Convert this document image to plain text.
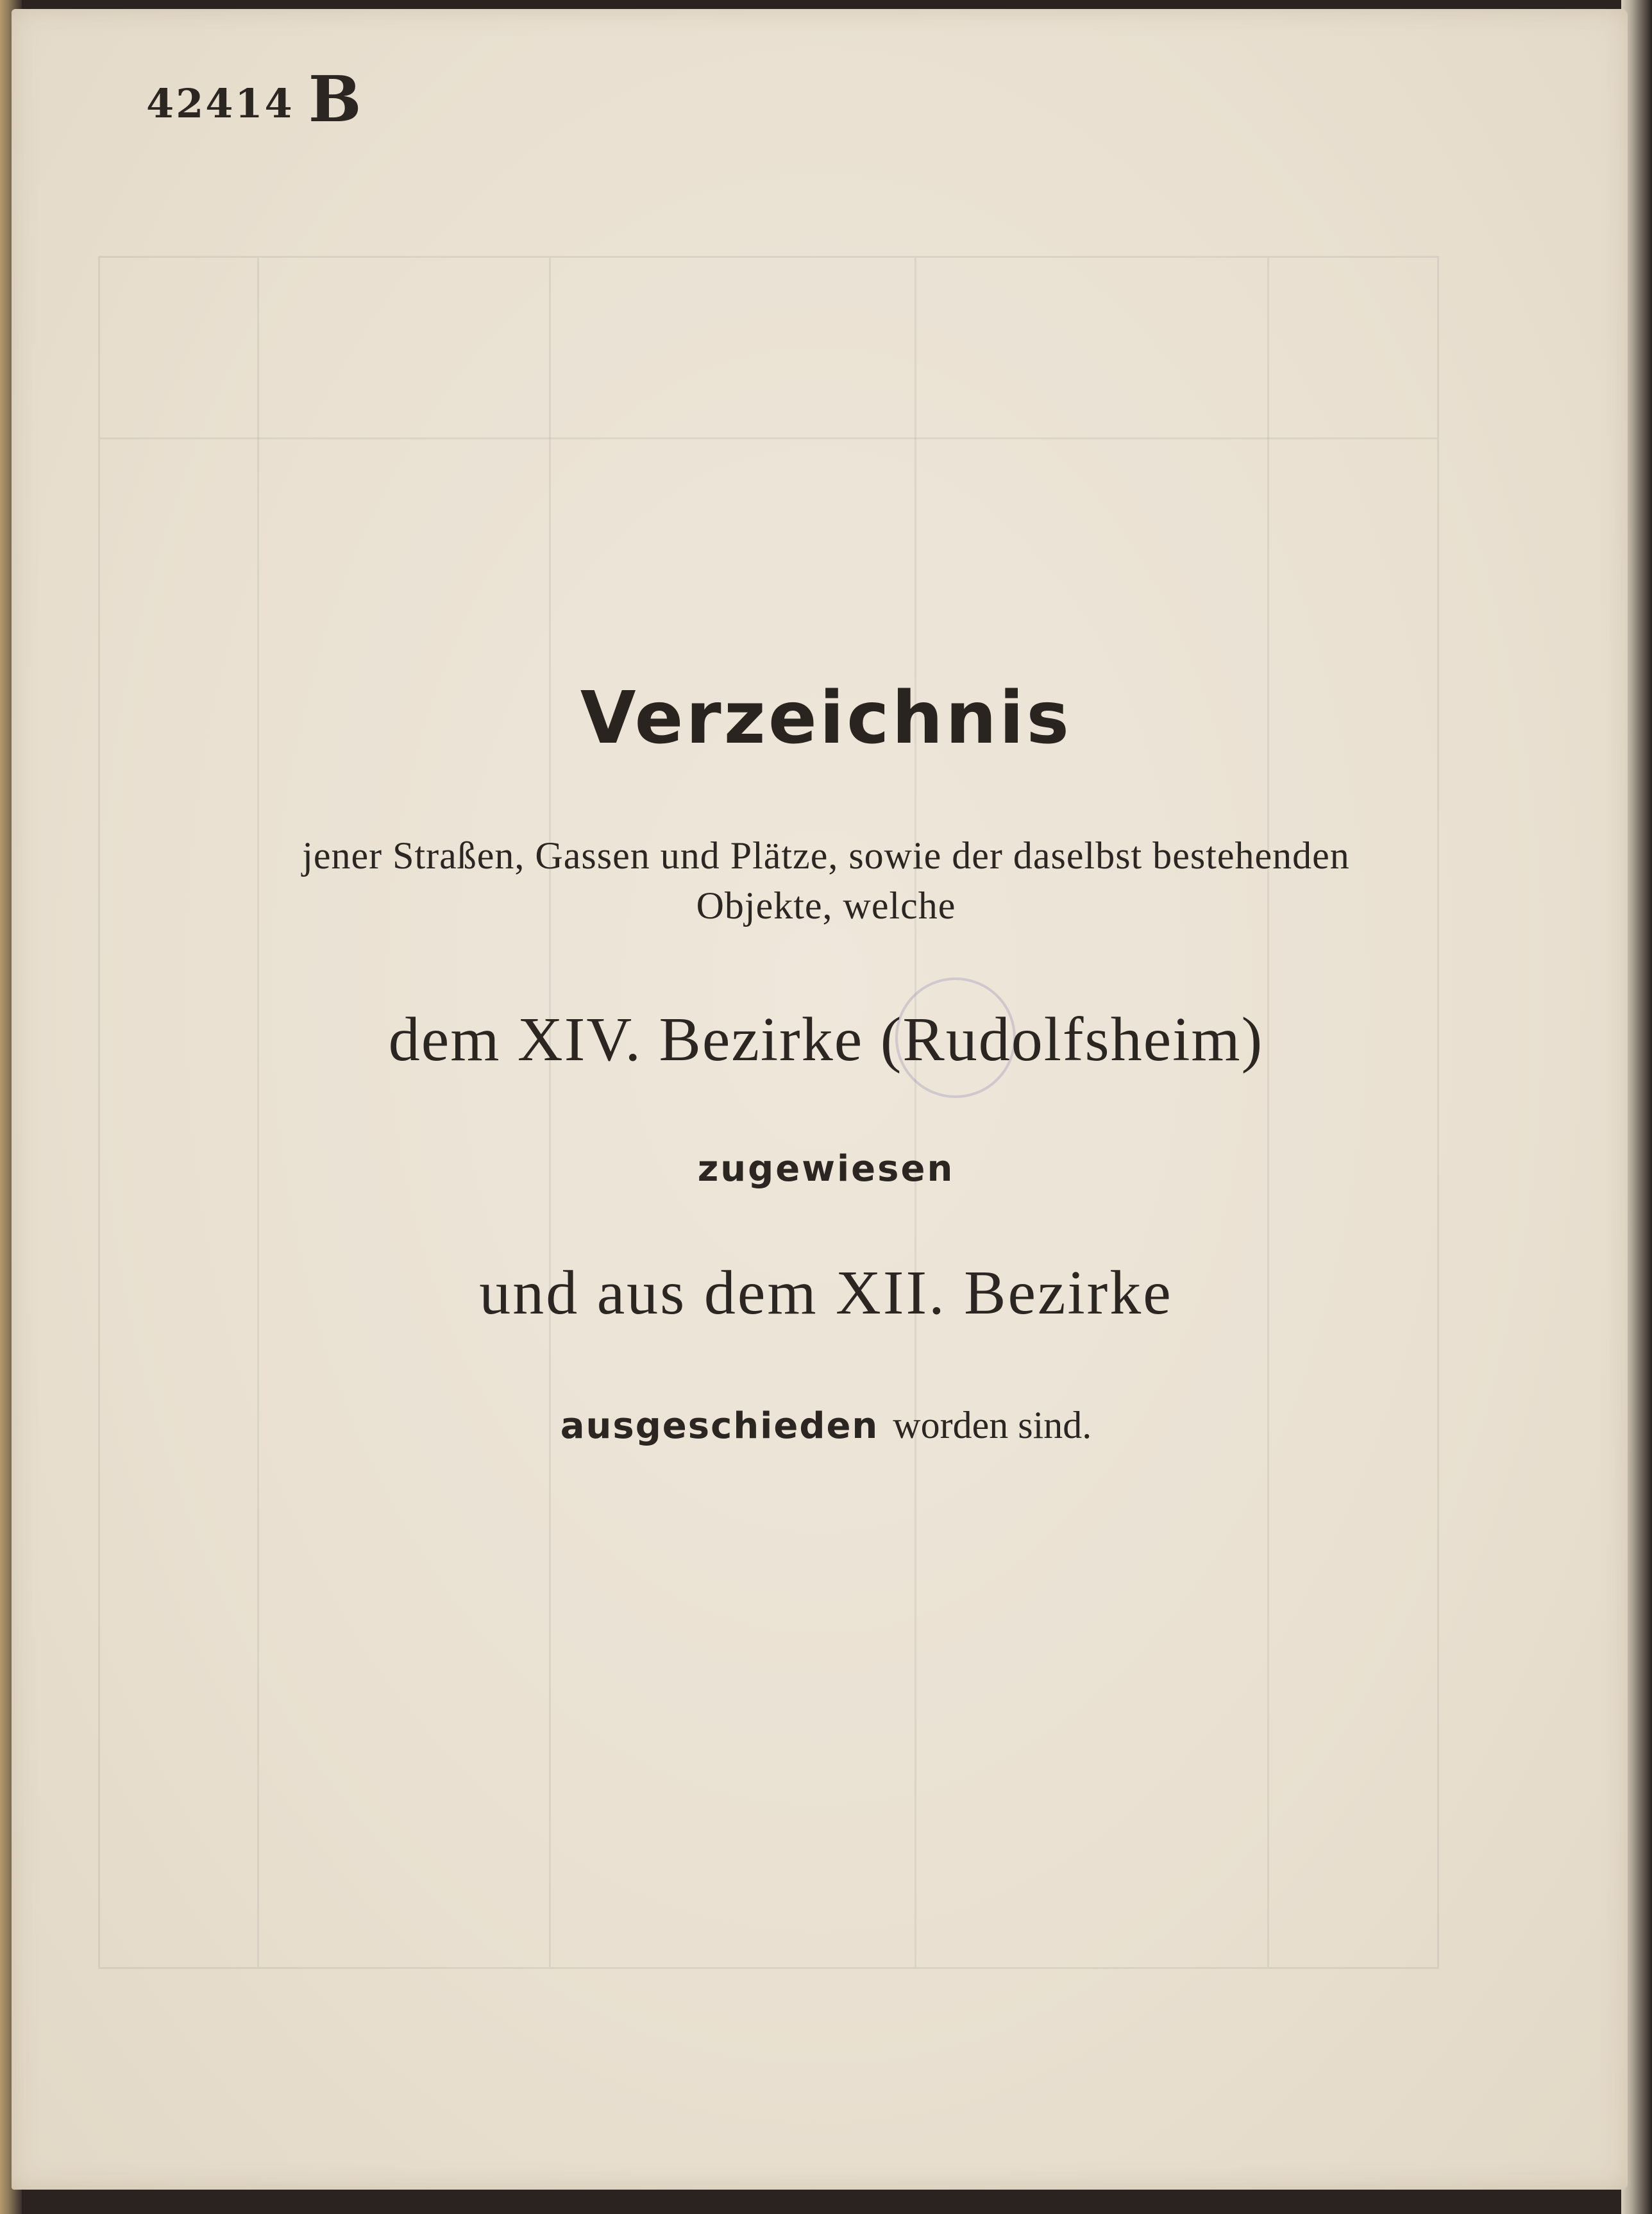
42414 B
Verzeichnis
jener Straßen, Gassen und Plätze, sowie der daselbst bestehenden
Objekte, welche
dem XIV. Bezirke (Rudolfsheim)
zugewiesen
und aus dem XII. Bezirke
ausgeschieden worden sind.
